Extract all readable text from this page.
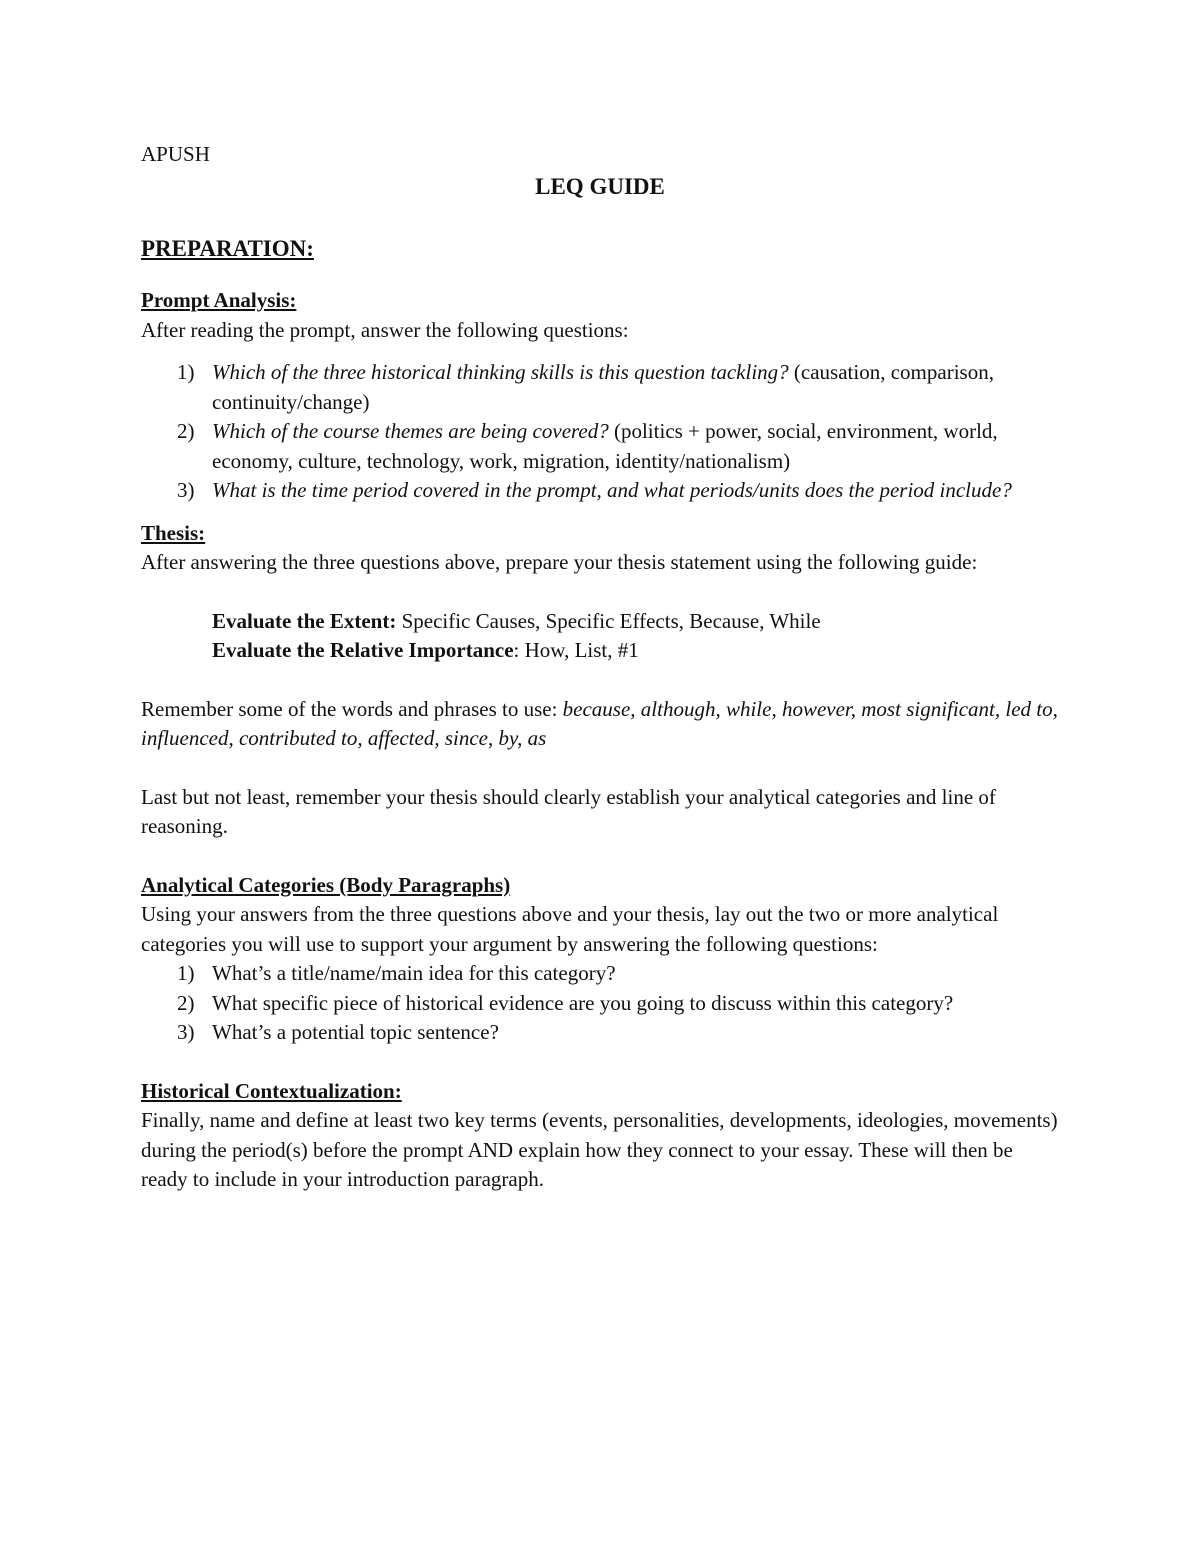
APUSH

LEQ GUIDE
PREPARATION:

Prompt Analysis:

After reading the prompt, answer the following questions:

1) Which of the three historical thinking skills is this question tackling? (causation, comparison, continuity/change)
2) Which of the course themes are being covered? (politics + power, social, environment, world, economy, culture, technology, work, migration, identity/nationalism)
3) What is the time period covered in the prompt, and what periods/units does the period include?

Thesis:

After answering the three questions above, prepare your thesis statement using the following guide:

Evaluate the Extent: Specific Causes, Specific Effects, Because, While

Evaluate the Relative Importance: How, List, #1

Remember some of the words and phrases to use: because, although, while, however, most significant, led to, influenced, contributed to, affected, since, by, as

Last but not least, remember your thesis should clearly establish your analytical categories and line of reasoning.

Analytical Categories (Body Paragraphs)

Using your answers from the three questions above and your thesis, lay out the two or more analytical categories you will use to support your argument by answering the following questions:

1) What’s a title/name/main idea for this category?
2) What specific piece of historical evidence are you going to discuss within this category?
3) What’s a potential topic sentence?

Historical Contextualization:

Finally, name and define at least two key terms (events, personalities, developments, ideologies, movements) during the period(s) before the prompt AND explain how they connect to your essay. These will then be ready to include in your introduction paragraph.
